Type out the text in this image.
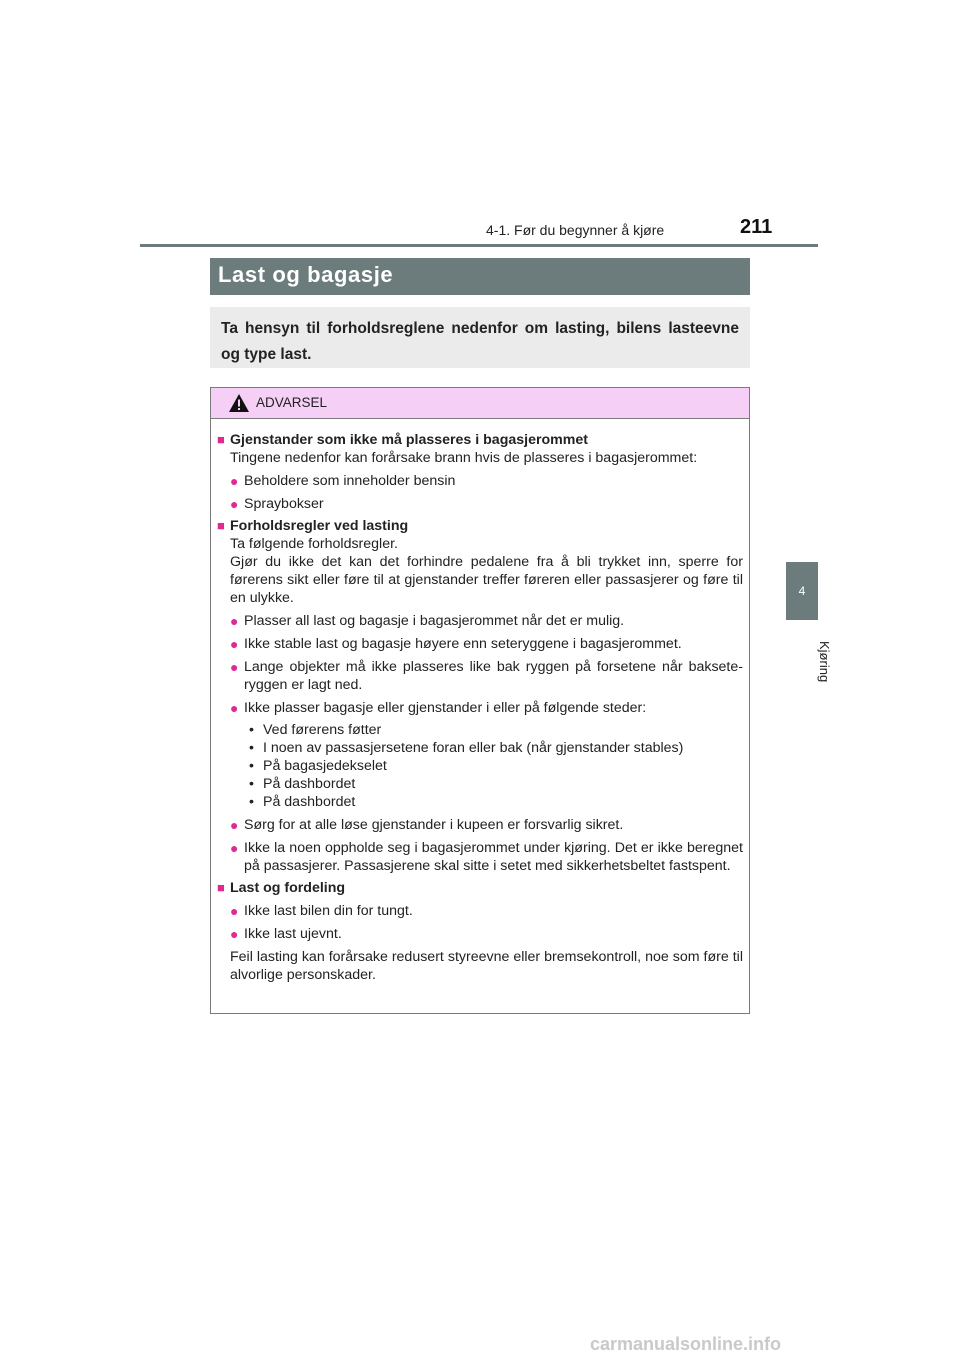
4-1. Før du begynner å kjøre	211
4
Kjøring
Last og bagasje
Ta hensyn til forholdsreglene nedenfor om lasting, bilens lasteevne og type last.
ADVARSEL
■ Gjenstander som ikke må plasseres i bagasjerommet
Tingene nedenfor kan forårsake brann hvis de plasseres i bagasjerommet:
● Beholdere som inneholder bensin
● Spraybokser
■ Forholdsregler ved lasting
Ta følgende forholdsregler.
Gjør du ikke det kan det forhindre pedalene fra å bli trykket inn, sperre for førerens sikt eller føre til at gjenstander treffer føreren eller passasjerer og føre til en ulykke.
● Plasser all last og bagasje i bagasjerommet når det er mulig.
● Ikke stable last og bagasje høyere enn seteryggene i bagasjerommet.
● Lange objekter må ikke plasseres like bak ryggen på forsetene når bakseteryggen er lagt ned.
● Ikke plasser bagasje eller gjenstander i eller på følgende steder:
• Ved førerens føtter
• I noen av passasjersetene foran eller bak (når gjenstander stables)
• På bagasjedekselet
• På dashbordet
• På dashbordet
● Sørg for at alle løse gjenstander i kupeen er forsvarlig sikret.
● Ikke la noen oppholde seg i bagasjerommet under kjøring. Det er ikke beregnet på passasjerer. Passasjerene skal sitte i setet med sikkerhetsbeltet fastspent.
■ Last og fordeling
● Ikke last bilen din for tungt.
● Ikke last ujevnt.
Feil lasting kan forårsake redusert styreevne eller bremsekontroll, noe som føre til alvorlige personskader.
carmanualsonline.info
